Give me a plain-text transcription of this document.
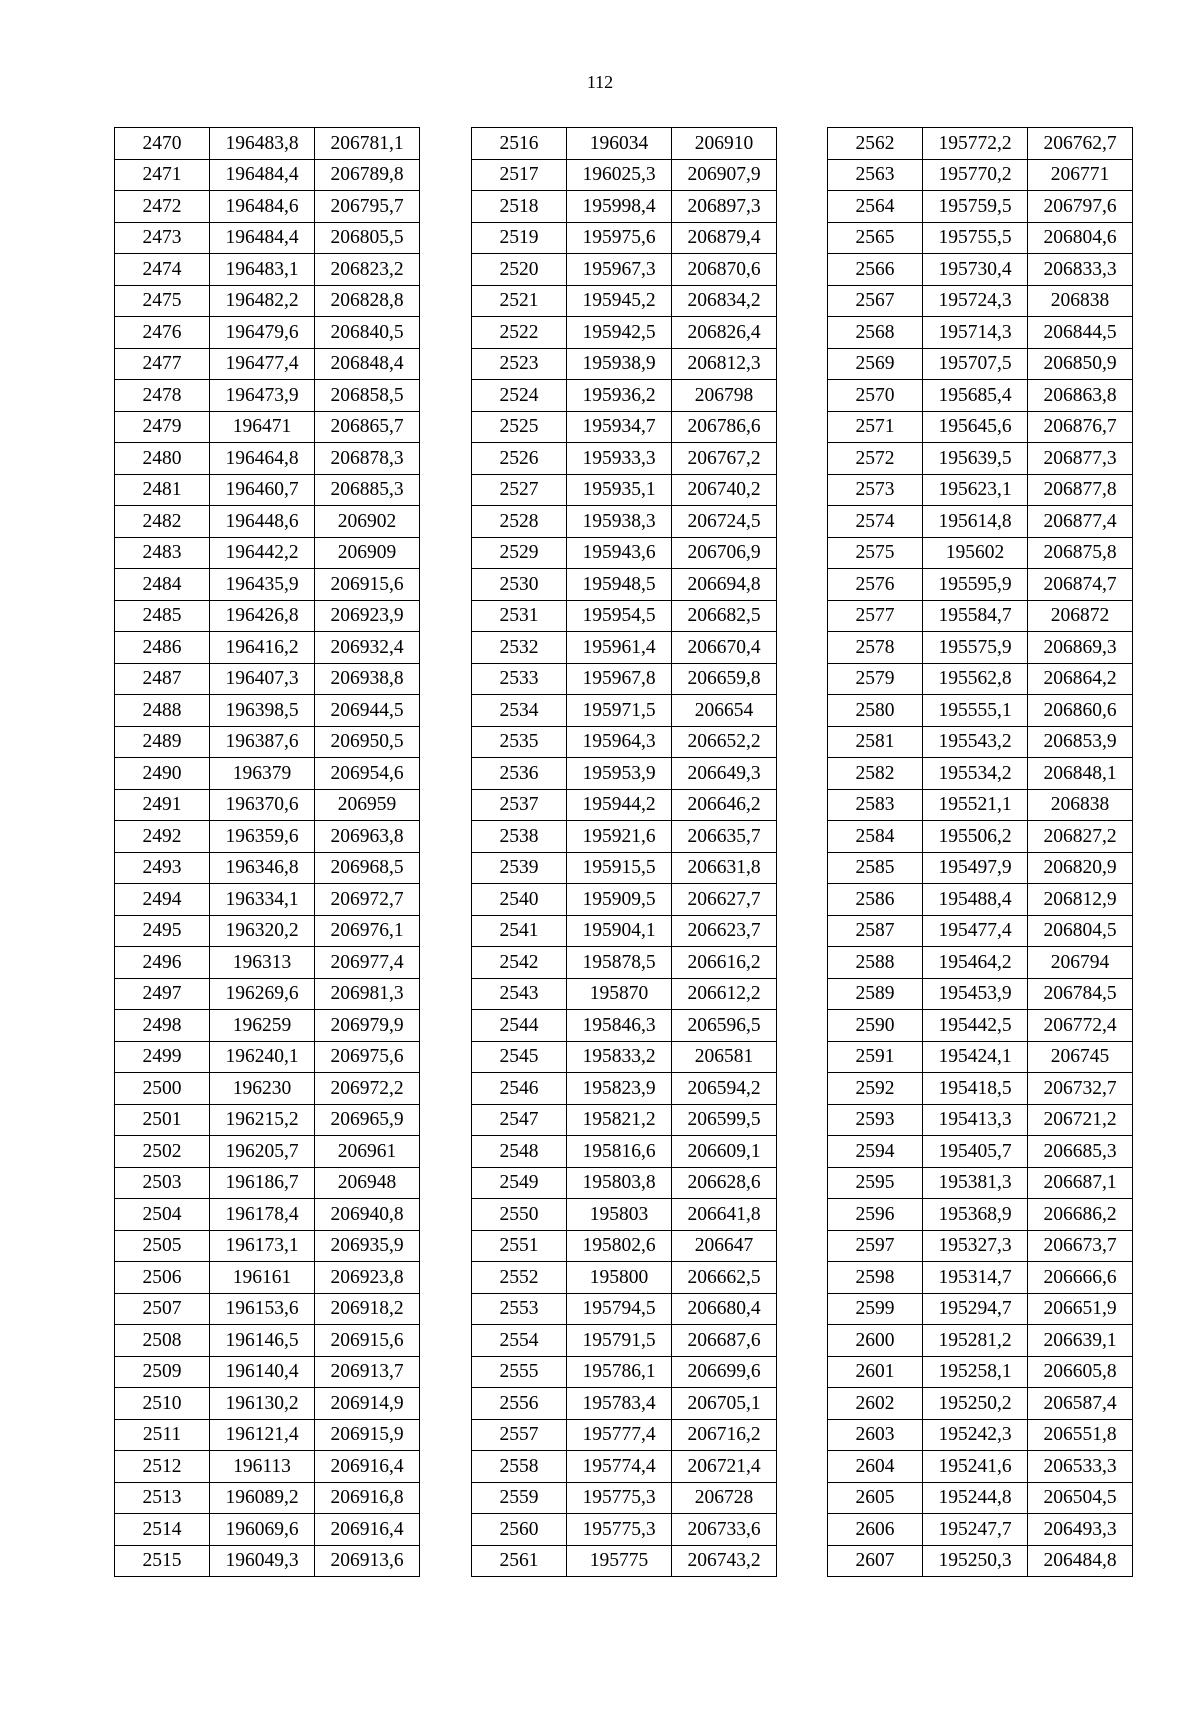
112
2470	196483,8	206781,1
2471	196484,4	206789,8
2472	196484,6	206795,7
2473	196484,4	206805,5
2474	196483,1	206823,2
2475	196482,2	206828,8
2476	196479,6	206840,5
2477	196477,4	206848,4
2478	196473,9	206858,5
2479	196471	206865,7
2480	196464,8	206878,3
2481	196460,7	206885,3
2482	196448,6	206902
2483	196442,2	206909
2484	196435,9	206915,6
2485	196426,8	206923,9
2486	196416,2	206932,4
2487	196407,3	206938,8
2488	196398,5	206944,5
2489	196387,6	206950,5
2490	196379	206954,6
2491	196370,6	206959
2492	196359,6	206963,8
2493	196346,8	206968,5
2494	196334,1	206972,7
2495	196320,2	206976,1
2496	196313	206977,4
2497	196269,6	206981,3
2498	196259	206979,9
2499	196240,1	206975,6
2500	196230	206972,2
2501	196215,2	206965,9
2502	196205,7	206961
2503	196186,7	206948
2504	196178,4	206940,8
2505	196173,1	206935,9
2506	196161	206923,8
2507	196153,6	206918,2
2508	196146,5	206915,6
2509	196140,4	206913,7
2510	196130,2	206914,9
2511	196121,4	206915,9
2512	196113	206916,4
2513	196089,2	206916,8
2514	196069,6	206916,4
2515	196049,3	206913,6
2516	196034	206910
2517	196025,3	206907,9
2518	195998,4	206897,3
2519	195975,6	206879,4
2520	195967,3	206870,6
2521	195945,2	206834,2
2522	195942,5	206826,4
2523	195938,9	206812,3
2524	195936,2	206798
2525	195934,7	206786,6
2526	195933,3	206767,2
2527	195935,1	206740,2
2528	195938,3	206724,5
2529	195943,6	206706,9
2530	195948,5	206694,8
2531	195954,5	206682,5
2532	195961,4	206670,4
2533	195967,8	206659,8
2534	195971,5	206654
2535	195964,3	206652,2
2536	195953,9	206649,3
2537	195944,2	206646,2
2538	195921,6	206635,7
2539	195915,5	206631,8
2540	195909,5	206627,7
2541	195904,1	206623,7
2542	195878,5	206616,2
2543	195870	206612,2
2544	195846,3	206596,5
2545	195833,2	206581
2546	195823,9	206594,2
2547	195821,2	206599,5
2548	195816,6	206609,1
2549	195803,8	206628,6
2550	195803	206641,8
2551	195802,6	206647
2552	195800	206662,5
2553	195794,5	206680,4
2554	195791,5	206687,6
2555	195786,1	206699,6
2556	195783,4	206705,1
2557	195777,4	206716,2
2558	195774,4	206721,4
2559	195775,3	206728
2560	195775,3	206733,6
2561	195775	206743,2
2562	195772,2	206762,7
2563	195770,2	206771
2564	195759,5	206797,6
2565	195755,5	206804,6
2566	195730,4	206833,3
2567	195724,3	206838
2568	195714,3	206844,5
2569	195707,5	206850,9
2570	195685,4	206863,8
2571	195645,6	206876,7
2572	195639,5	206877,3
2573	195623,1	206877,8
2574	195614,8	206877,4
2575	195602	206875,8
2576	195595,9	206874,7
2577	195584,7	206872
2578	195575,9	206869,3
2579	195562,8	206864,2
2580	195555,1	206860,6
2581	195543,2	206853,9
2582	195534,2	206848,1
2583	195521,1	206838
2584	195506,2	206827,2
2585	195497,9	206820,9
2586	195488,4	206812,9
2587	195477,4	206804,5
2588	195464,2	206794
2589	195453,9	206784,5
2590	195442,5	206772,4
2591	195424,1	206745
2592	195418,5	206732,7
2593	195413,3	206721,2
2594	195405,7	206685,3
2595	195381,3	206687,1
2596	195368,9	206686,2
2597	195327,3	206673,7
2598	195314,7	206666,6
2599	195294,7	206651,9
2600	195281,2	206639,1
2601	195258,1	206605,8
2602	195250,2	206587,4
2603	195242,3	206551,8
2604	195241,6	206533,3
2605	195244,8	206504,5
2606	195247,7	206493,3
2607	195250,3	206484,8
